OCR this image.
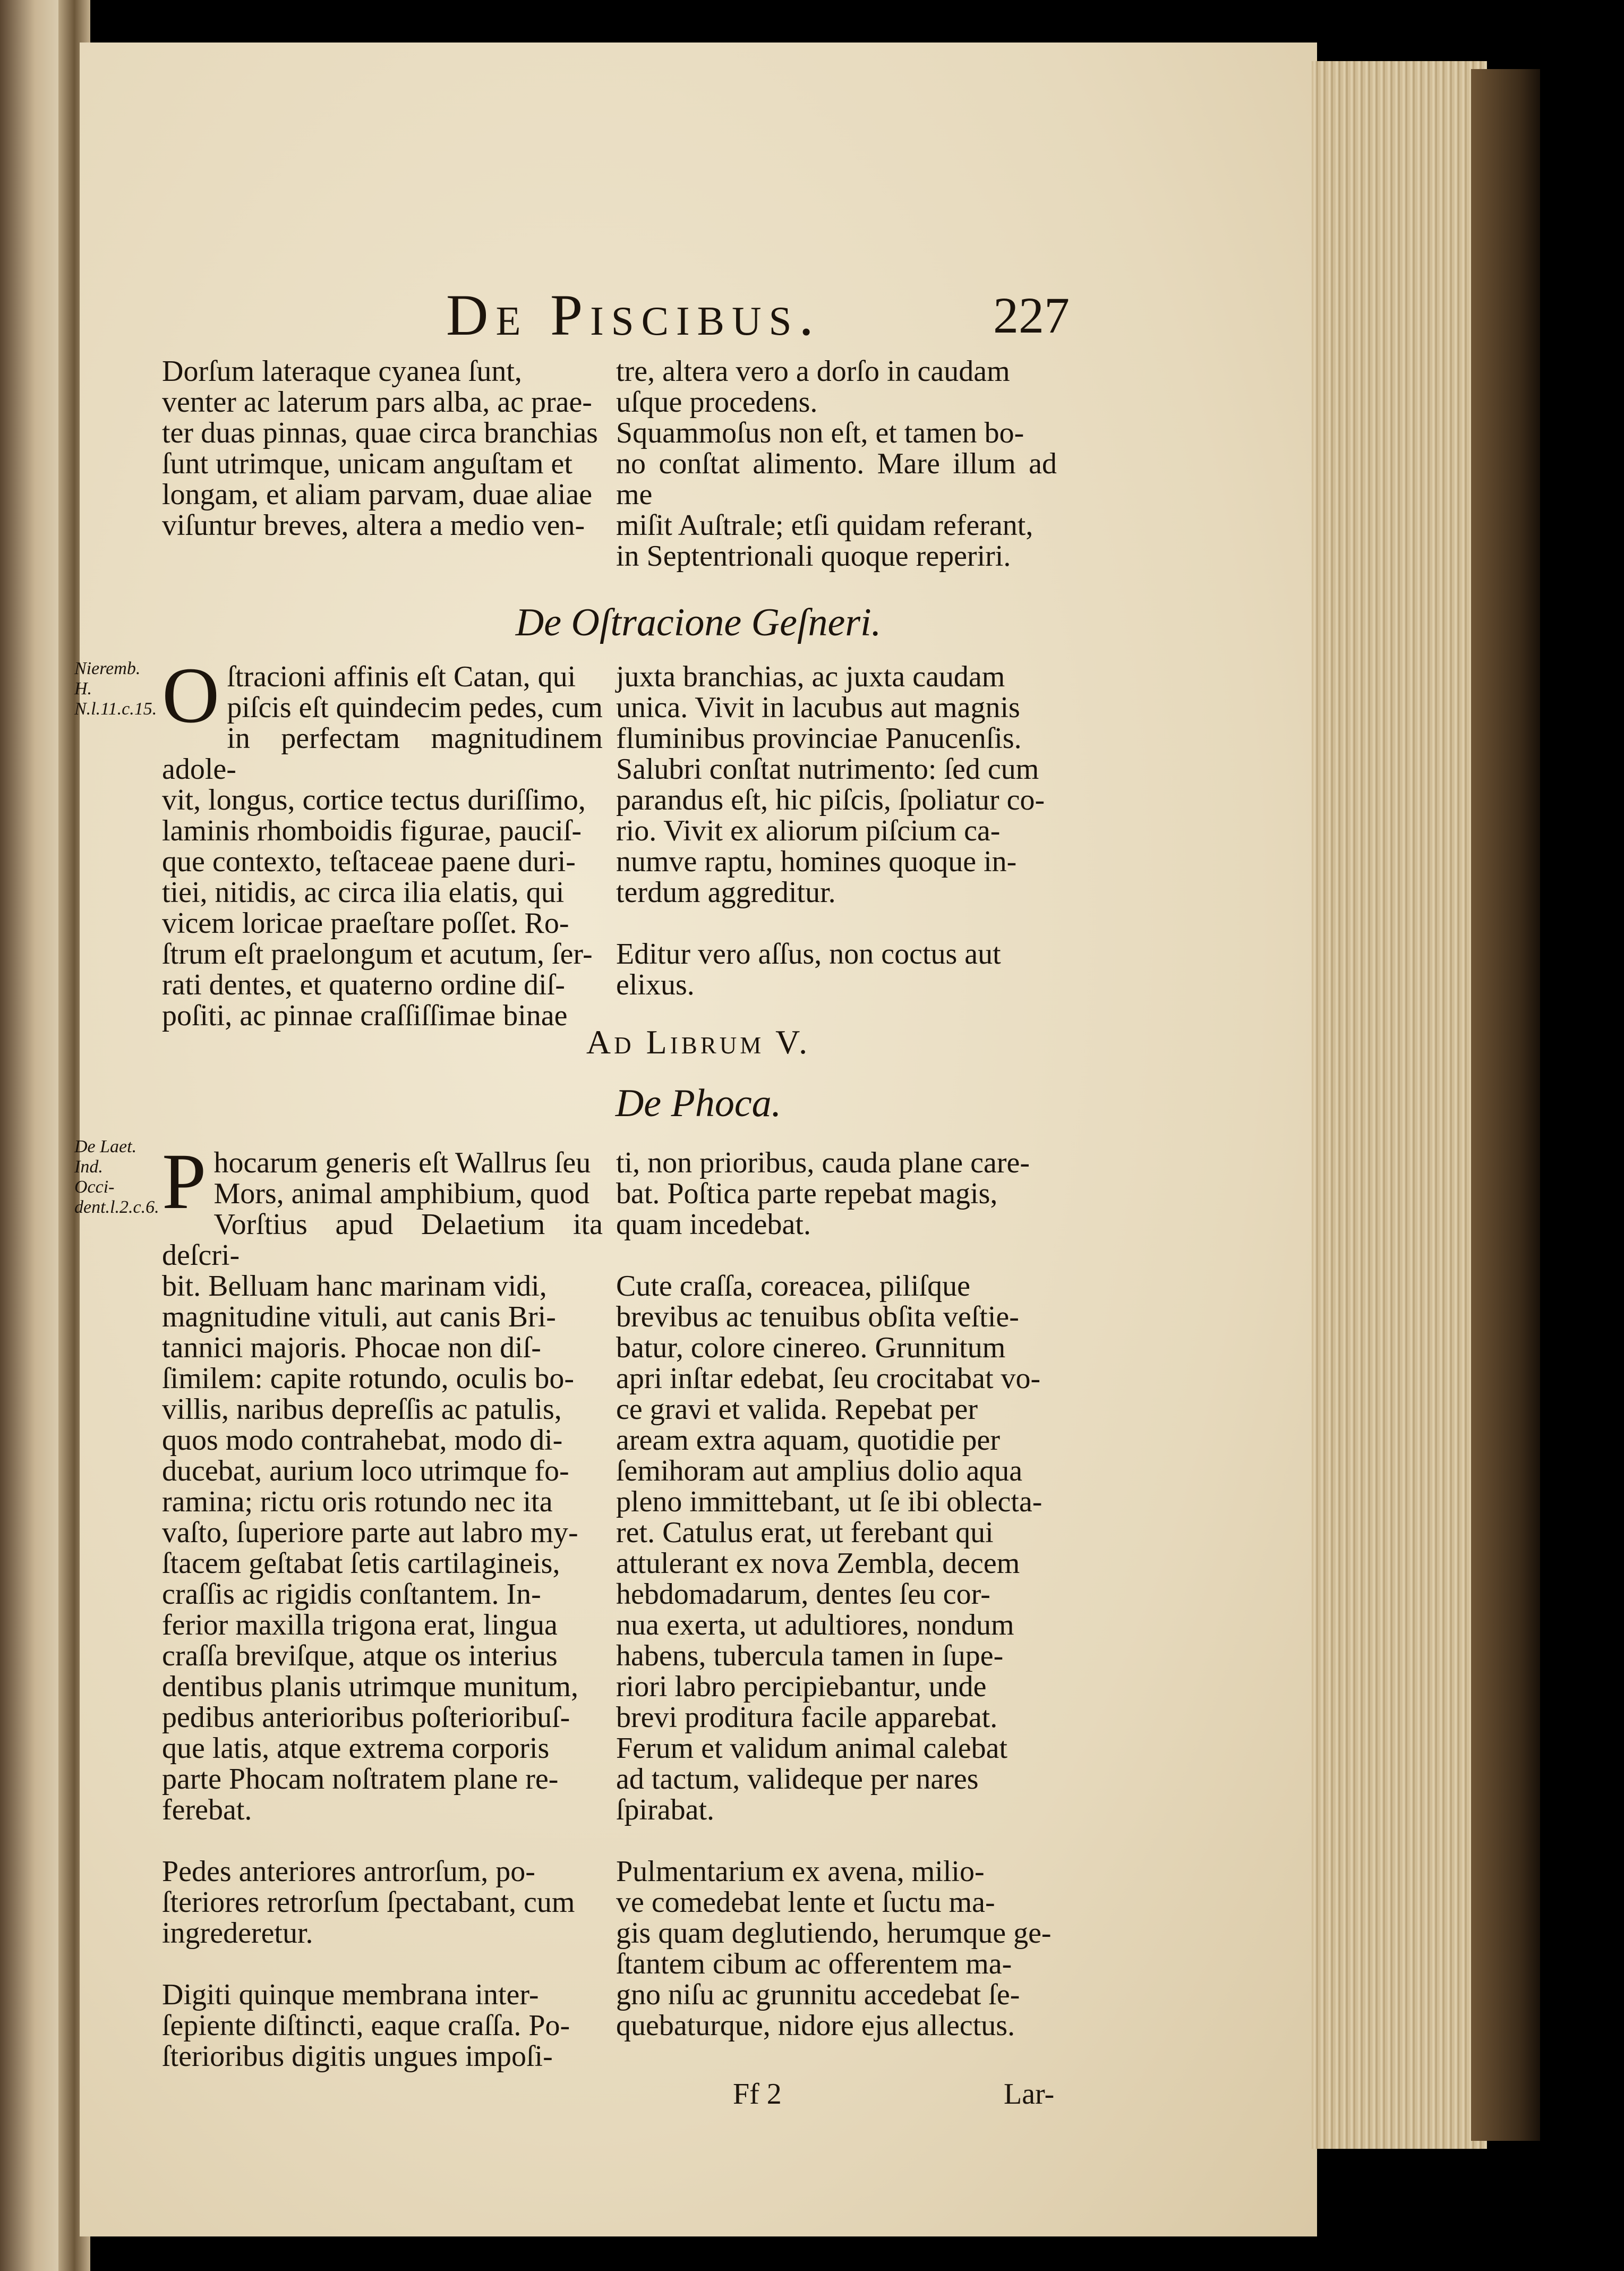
De Piscibus.	227

Dorſum lateraque cyanea ſunt,
venter ac laterum pars alba, ac prae-
ter duas pinnas, quae circa branchias
ſunt utrimque, unicam anguſtam et
longam, et aliam parvam, duae aliae
viſuntur breves, altera a medio ven-

tre, altera vero a dorſo in caudam
uſque procedens.
Squammoſus non eſt, et tamen bo-
no conſtat alimento. Mare illum ad me
miſit Auſtrale; etſi quidam referant,
in Septentrionali quoque reperiri.

De Oſtracione Geſneri.

Nieremb. H.
N.l.11.c.15. Oſtracioni affinis eſt Catan, qui
piſcis eſt quindecim pedes, cum
in perfectam magnitudinem adole-
vit, longus, cortice tectus duriſſimo,
laminis rhomboidis figurae, pauciſ-
que contexto, teſtaceae paene duri-
tiei, nitidis, ac circa ilia elatis, qui
vicem loricae praeſtare poſſet. Ro-
ſtrum eſt praelongum et acutum, ſer-
rati dentes, et quaterno ordine diſ-
poſiti, ac pinnae craſſiſſimae binae

juxta branchias, ac juxta caudam
unica. Vivit in lacubus aut magnis
fluminibus provinciae Panucenſis.
Salubri conſtat nutrimento: ſed cum
parandus eſt, hic piſcis, ſpoliatur co-
rio. Vivit ex aliorum piſcium ca-
numve raptu, homines quoque in-
terdum aggreditur.

Editur vero aſſus, non coctus aut
elixus.

Ad Librum V.

De Phoca.

De Laet.
Ind. Occi-
dent.l.2.c.6. Phocarum generis eſt Wallrus ſeu
Mors, animal amphibium, quod
Vorſtius apud Delaetium ita deſcri-
bit. Belluam hanc marinam vidi,
magnitudine vituli, aut canis Bri-
tannici majoris. Phocae non diſ-
ſimilem: capite rotundo, oculis bo-
villis, naribus depreſſis ac patulis,
quos modo contrahebat, modo di-
ducebat, aurium loco utrimque fo-
ramina; rictu oris rotundo nec ita
vaſto, ſuperiore parte aut labro my-
ſtacem geſtabat ſetis cartilagineis,
craſſis ac rigidis conſtantem. In-
ferior maxilla trigona erat, lingua
craſſa breviſque, atque os interius
dentibus planis utrimque munitum,
pedibus anterioribus poſterioribuſ-
que latis, atque extrema corporis
parte Phocam noſtratem plane re-
ferebat.

Pedes anteriores antrorſum, po-
ſteriores retrorſum ſpectabant, cum
ingrederetur.

Digiti quinque membrana inter-
ſepiente diſtincti, eaque craſſa. Po-
ſterioribus digitis ungues impoſi-

ti, non prioribus, cauda plane care-
bat. Poſtica parte repebat magis,
quam incedebat.

Cute craſſa, coreacea, piliſque
brevibus ac tenuibus obſita veſtie-
batur, colore cinereo. Grunnitum
apri inſtar edebat, ſeu crocitabat vo-
ce gravi et valida. Repebat per
aream extra aquam, quotidie per
ſemihoram aut amplius dolio aqua
pleno immittebant, ut ſe ibi oblecta-
ret. Catulus erat, ut ferebant qui
attulerant ex nova Zembla, decem
hebdomadarum, dentes ſeu cor-
nua exerta, ut adultiores, nondum
habens, tubercula tamen in ſupe-
riori labro percipiebantur, unde
brevi proditura facile apparebat.
Ferum et validum animal calebat
ad tactum, valideque per nares
ſpirabat.

Pulmentarium ex avena, milio-
ve comedebat lente et ſuctu ma-
gis quam deglutiendo, herumque ge-
ſtantem cibum ac offerentem ma-
gno niſu ac grunnitu accedebat ſe-
quebaturque, nidore ejus allectus.

Ff 2	Lar-
